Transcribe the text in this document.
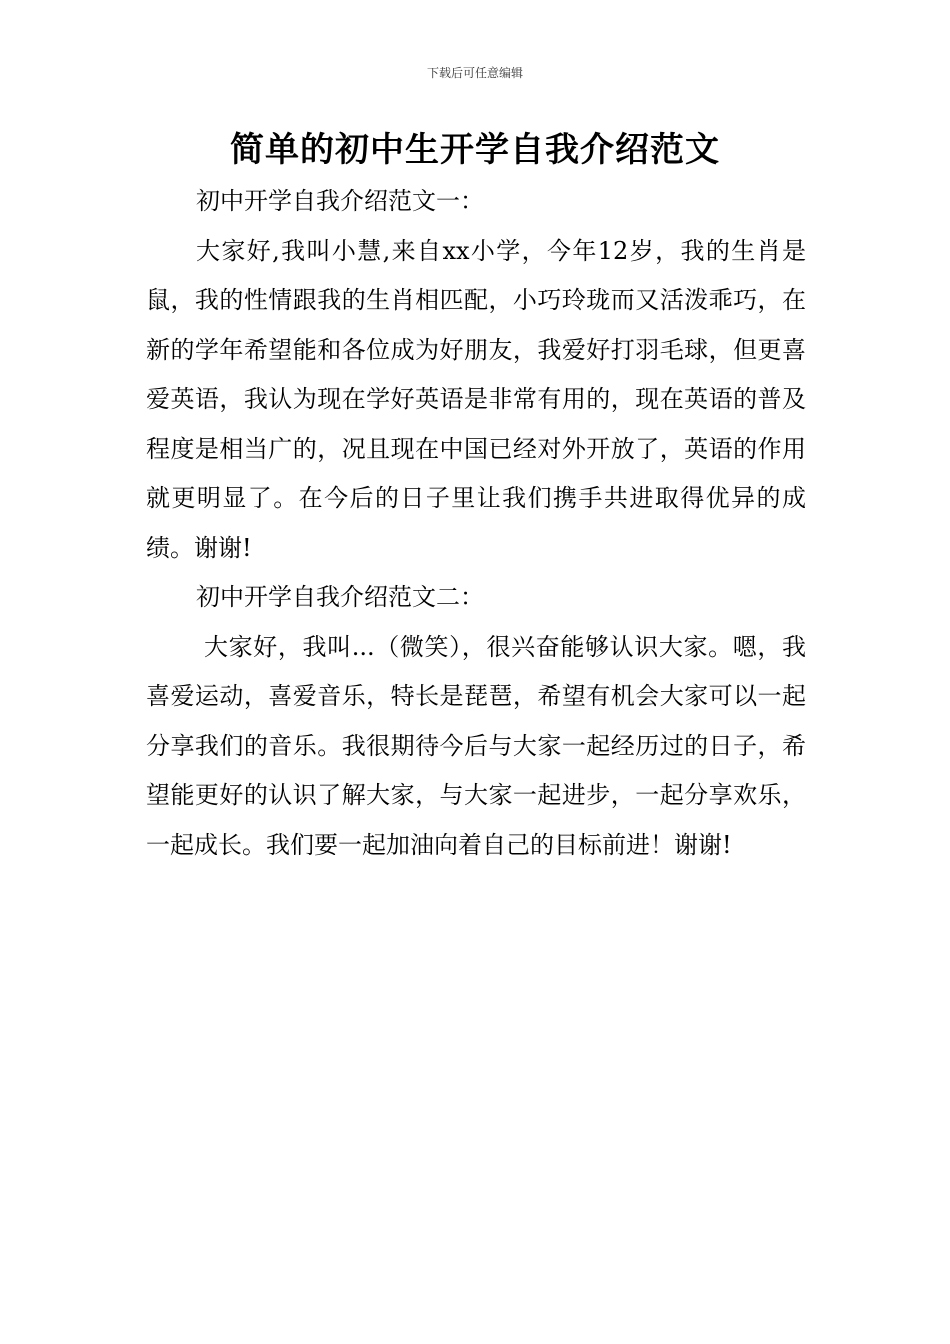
下载后可任意编辑
简单的初中生开学自我介绍范文

初中开学自我介绍范文一：

大家好,我叫小慧,来自xx小学，今年12岁，我的生肖是鼠，我的性情跟我的生肖相匹配，小巧玲珑而又活泼乖巧，在新的学年希望能和各位成为好朋友，我爱好打羽毛球，但更喜爱英语，我认为现在学好英语是非常有用的，现在英语的普及程度是相当广的，况且现在中国已经对外开放了，英语的作用就更明显了。在今后的日子里让我们携手共进取得优异的成绩。谢谢!

初中开学自我介绍范文二：

大家好，我叫...（微笑），很兴奋能够认识大家。嗯，我喜爱运动，喜爱音乐，特长是琵琶，希望有机会大家可以一起分享我们的音乐。我很期待今后与大家一起经历过的日子，希望能更好的认识了解大家，与大家一起进步，一起分享欢乐，一起成长。我们要一起加油向着自己的目标前进！谢谢!
